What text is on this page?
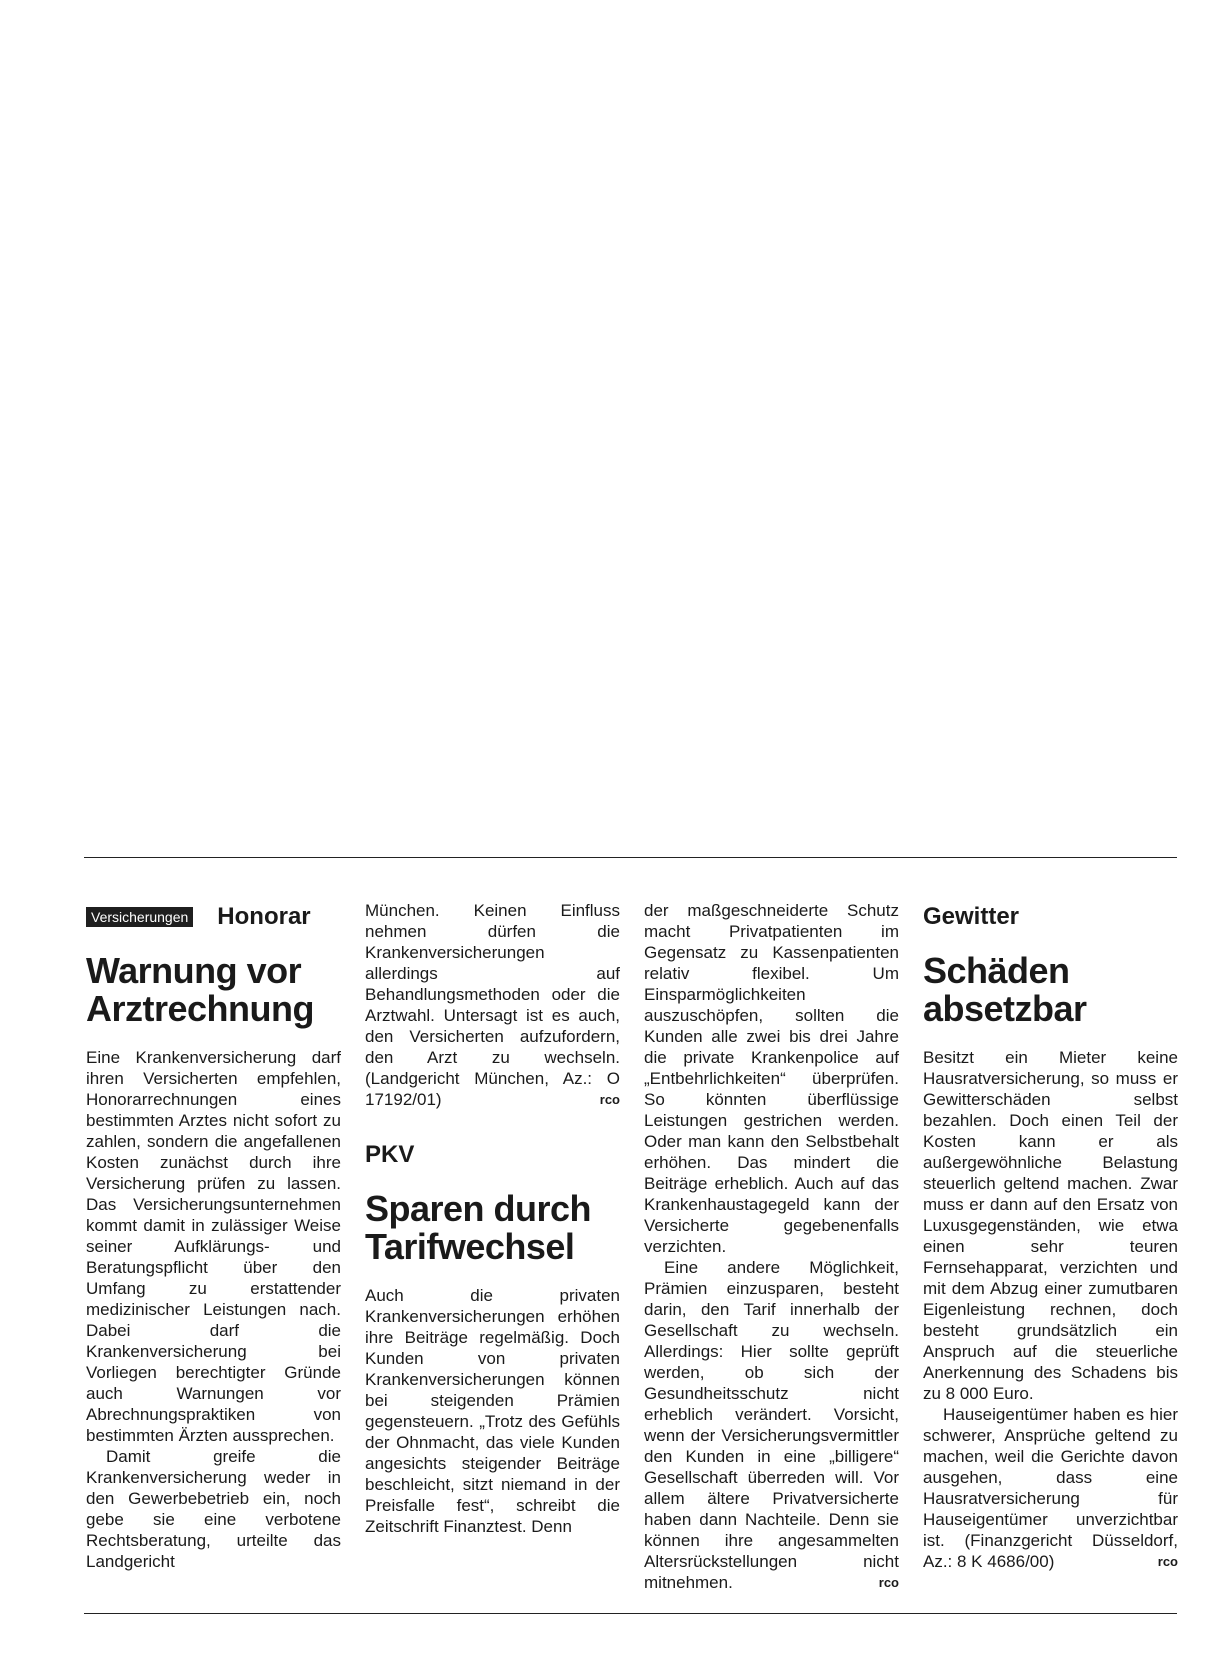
Versicherungen Honorar
Warnung vor
Arztrechnung

Eine Krankenversicherung darf ihren Versicherten empfehlen, Honorarrechnungen eines bestimmten Arztes nicht sofort zu zahlen, sondern die angefallenen Kosten zunächst durch ihre Versicherung prüfen zu lassen. Das Versicherungsunternehmen kommt damit in zulässiger Weise seiner Aufklärungs- und Beratungspflicht über den Umfang zu erstattender medizinischer Leistungen nach. Dabei darf die Krankenversicherung bei Vorliegen berechtigter Gründe auch Warnungen vor Abrechnungspraktiken von bestimmten Ärzten aussprechen.

Damit greife die Krankenversicherung weder in den Gewerbebetrieb ein, noch gebe sie eine verbotene Rechtsberatung, urteilte das Landgericht

München. Keinen Einfluss nehmen dürfen die Krankenversicherungen allerdings auf Behandlungsmethoden oder die Arztwahl. Untersagt ist es auch, den Versicherten aufzufordern, den Arzt zu wechseln. (Landgericht München, Az.: O 17192/01)	rco

PKV
Sparen durch
Tarifwechsel

Auch die privaten Krankenversicherungen erhöhen ihre Beiträge regelmäßig. Doch Kunden von privaten Krankenversicherungen können bei steigenden Prämien gegensteuern. „Trotz des Gefühls der Ohnmacht, das viele Kunden angesichts steigender Beiträge beschleicht, sitzt niemand in der Preisfalle fest“, schreibt die Zeitschrift Finanztest. Denn

Gewitter
Schäden
absetzbar

Besitzt ein Mieter keine Hausratversicherung, so muss er Gewitterschäden selbst bezahlen. Doch einen Teil der Kosten kann er als außergewöhnliche Belastung steuerlich geltend machen. Zwar muss er dann auf den Ersatz von Luxusgegenständen, wie etwa einen sehr teuren Fernsehapparat, verzichten und mit dem Abzug einer zumutbaren Eigenleistung rechnen, doch besteht grundsätzlich ein Anspruch auf die steuerliche Anerkennung des Schadens bis zu 8 000 Euro.

Hauseigentümer haben es hier schwerer, Ansprüche geltend zu machen, weil die Gerichte davon ausgehen, dass eine Hausratversicherung für Hauseigentümer unverzichtbar ist. (Finanzgericht Düsseldorf, Az.: 8 K 4686/00)	rco

der maßgeschneiderte Schutz macht Privatpatienten im Gegensatz zu Kassenpatienten relativ flexibel. Um Einsparmöglichkeiten auszuschöpfen, sollten die Kunden alle zwei bis drei Jahre die private Krankenpolice auf „Entbehrlichkeiten“ überprüfen. So könnten überflüssige Leistungen gestrichen werden. Oder man kann den Selbstbehalt erhöhen. Das mindert die Beiträge erheblich. Auch auf das Krankenhaustagegeld kann der Versicherte gegebenenfalls verzichten.

Eine andere Möglichkeit, Prämien einzusparen, besteht darin, den Tarif innerhalb der Gesellschaft zu wechseln. Allerdings: Hier sollte geprüft werden, ob sich der Gesundheitsschutz nicht erheblich verändert. Vorsicht, wenn der Versicherungsvermittler den Kunden in eine „billigere“ Gesellschaft überreden will. Vor allem ältere Privatversicherte haben dann Nachteile. Denn sie können ihre angesammelten Altersrückstellungen nicht mitnehmen.	rco
